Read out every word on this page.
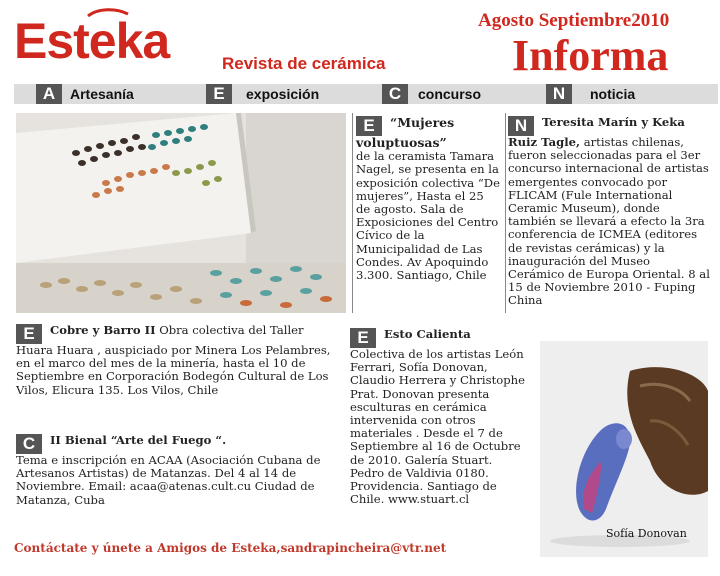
Esteka	Revista de cerámica
Agosto Septiembre2010
Informa
A	Artesanía	E	exposición	C	concurso	N	noticia
E “Mujeres voluptuosas”
de la ceramista Tamara Nagel, se presenta en la exposición colectiva “De mujeres”, Hasta el 25 de agosto. Sala de Exposiciones del Centro Cívico de la Municipalidad de Las Condes. Av Apoquindo 3.300. Santiago, Chile
N Teresita Marín y Keka Ruiz Tagle, artistas chilenas, fueron seleccionadas para el 3er concurso internacional de artistas emergentes convocado por FLICAM (Fule International Ceramic Museum), donde también se llevará a efecto la 3ra conferencia de ICMEA (editores de revistas cerámicas) y la inauguración del Museo Cerámico de Europa Oriental. 8 al 15 de Noviembre 2010 - Fuping China
E Cobre y Barro II Obra colectiva del Taller Huara Huara , auspiciado por Minera Los Pelambres, en el marco del mes de la minería, hasta el 10 de Septiembre en Corporación Bodegón Cultural de Los Vilos, Elicura 135. Los Vilos, Chile
C II Bienal “Arte del Fuego “.
Tema e inscripción en ACAA (Asociación Cubana de Artesanos Artistas) de Matanzas. Del 4 al 14 de Noviembre. Email: acaa@atenas.cult.cu Ciudad de Matanza, Cuba
E Esto Calienta
Colectiva de los artistas León Ferrari, Sofía Donovan, Claudio Herrera y Christophe Prat. Donovan presenta esculturas en cerámica intervenida con otros materiales . Desde el 7 de Septiembre al 16 de Octubre de 2010. Galería Stuart. Pedro de Valdivia 0180. Providencia. Santiago de Chile. www.stuart.cl
Sofía Donovan
Contáctate y únete a Amigos de Esteka,sandrapincheira@vtr.net
